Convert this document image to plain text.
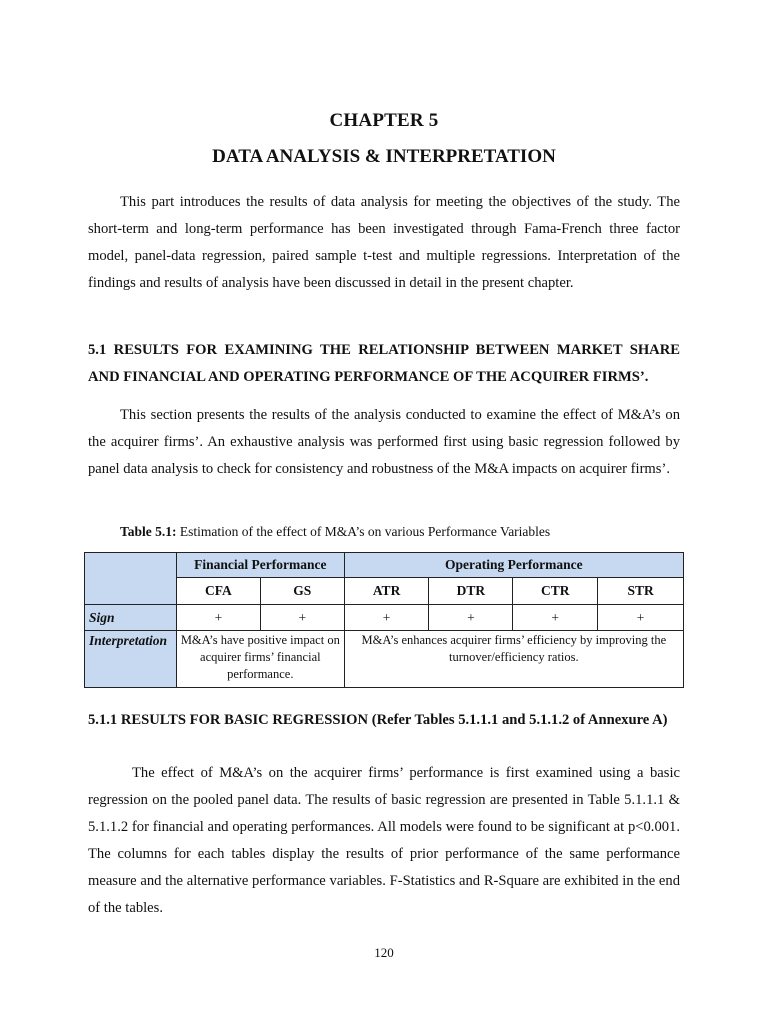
CHAPTER 5
DATA ANALYSIS & INTERPRETATION

This part introduces the results of data analysis for meeting the objectives of the study. The short-term and long-term performance has been investigated through Fama-French three factor model, panel-data regression, paired sample t-test and multiple regressions. Interpretation of the findings and results of analysis have been discussed in detail in the present chapter.

5.1 RESULTS FOR EXAMINING THE RELATIONSHIP BETWEEN MARKET SHARE AND FINANCIAL AND OPERATING PERFORMANCE OF THE ACQUIRER FIRMS’.

This section presents the results of the analysis conducted to examine the effect of M&A’s on the acquirer firms’. An exhaustive analysis was performed first using basic regression followed by panel data analysis to check for consistency and robustness of the M&A impacts on acquirer firms’.

Table 5.1: Estimation of the effect of M&A’s on various Performance Variables
	Financial Performance		Operating Performance			
	CFA	GS	ATR	DTR	CTR	STR
Sign	+	+	+	+	+	+
Interpretation	M&A’s have positive impact on acquirer firms’ financial performance.		M&A’s enhances acquirer firms’ efficiency by improving the turnover/efficiency ratios.			

5.1.1 RESULTS FOR BASIC REGRESSION (Refer Tables 5.1.1.1 and 5.1.1.2 of Annexure A)

The effect of M&A’s on the acquirer firms’ performance is first examined using a basic regression on the pooled panel data. The results of basic regression are presented in Table 5.1.1.1 & 5.1.1.2 for financial and operating performances. All models were found to be significant at p<0.001. The columns for each tables display the results of prior performance of the same performance measure and the alternative performance variables. F-Statistics and R-Square are exhibited in the end of the tables.

120
